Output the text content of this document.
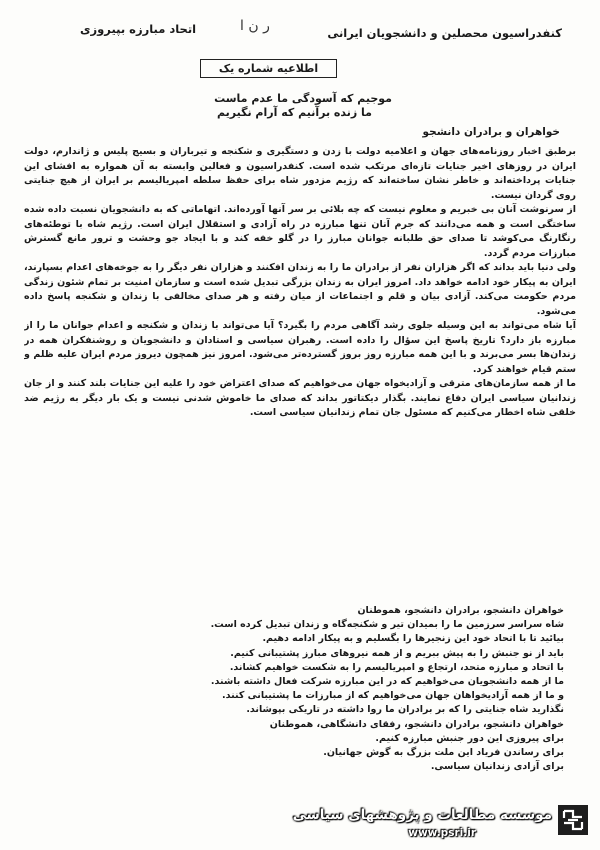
کنفدراسیون محصلین و دانشجویان ایرانی
ر ن ا
اتحاد مبارزه بپیروزی
اطلاعیه شماره یک
موجیم که آسودگی ما عدم ماست
ما زنده برآنیم که آرام نگیریم
خواهران و برادران دانشجو

برطبق اخبار روزنامه‌های جهان و اعلامیه دولت با زدن و دستگیری و شکنجه و تیرباران و بسیج پلیس و ژاندارم، دولت ایران در روزهای اخیر جنایات تازه‌ای مرتکب شده است. کنفدراسیون و فعالین وابسته به آن همواره به افشای این جنایات پرداخته‌اند و خاطر نشان ساخته‌اند که رژیم مزدور شاه برای حفظ سلطه امپریالیسم بر ایران از هیچ جنایتی روی گردان نیست.

از سرنوشت آنان بی خبریم و معلوم نیست که چه بلائی بر سر آنها آورده‌اند. اتهاماتی که به دانشجویان نسبت داده شده ساختگی است و همه می‌دانند که جرم آنان تنها مبارزه در راه آزادی و استقلال ایران است. رژیم شاه با توطئه‌های رنگارنگ می‌کوشد تا صدای حق طلبانه جوانان مبارز را در گلو خفه کند و با ایجاد جو وحشت و ترور مانع گسترش مبارزات مردم گردد.

ولی دنیا باید بداند که اگر هزاران نفر از برادران ما را به زندان افکنند و هزاران نفر دیگر را به جوخه‌های اعدام بسپارند، ایران به پیکار خود ادامه خواهد داد. امروز ایران به زندان بزرگی تبدیل شده است و سازمان امنیت بر تمام شئون زندگی مردم حکومت می‌کند. آزادی بیان و قلم و اجتماعات از میان رفته و هر صدای مخالفی با زندان و شکنجه پاسخ داده می‌شود.

آیا شاه می‌تواند به این وسیله جلوی رشد آگاهی مردم را بگیرد؟ آیا می‌تواند با زندان و شکنجه و اعدام جوانان ما را از مبارزه باز دارد؟ تاریخ پاسخ این سؤال را داده است. رهبران سیاسی و استادان و دانشجویان و روشنفکران همه در زندان‌ها بسر می‌برند و با این همه مبارزه روز بروز گسترده‌تر می‌شود. امروز نیز همچون دیروز مردم ایران علیه ظلم و ستم قیام خواهند کرد.

ما از همه سازمان‌های مترقی و آزادیخواه جهان می‌خواهیم که صدای اعتراض خود را علیه این جنایات بلند کنند و از جان زندانیان سیاسی ایران دفاع نمایند. بگذار دیکتاتور بداند که صدای ما خاموش شدنی نیست و یک بار دیگر به رژیم ضد خلقی شاه اخطار می‌کنیم که مسئول جان تمام زندانیان سیاسی است.

خواهران دانشجو، برادران دانشجو، هموطنان
شاه سراسر سرزمین ما را بمیدان تیر و شکنجه‌گاه و زندان تبدیل کرده است.
بیائید تا با اتحاد خود این زنجیرها را بگسلیم و به پیکار ادامه دهیم.
باید از نو جنبش را به پیش ببریم و از همه نیروهای مبارز پشتیبانی کنیم.
با اتحاد و مبارزه متحد، ارتجاع و امپریالیسم را به شکست خواهیم کشاند.
ما از همه دانشجویان می‌خواهیم که در این مبارزه شرکت فعال داشته باشند.
و ما از همه آزادیخواهان جهان می‌خواهیم که از مبارزات ما پشتیبانی کنند.
نگذارید شاه جنایتی را که بر برادران ما روا داشته در تاریکی بپوشاند.
خواهران دانشجو، برادران دانشجو، رفقای دانشگاهی، هموطنان
برای پیروزی این دور جنبش مبارزه کنیم.
برای رساندن فریاد این ملت بزرگ به گوش جهانیان.
برای آزادی زندانیان سیاسی.
موسسه مطالعات و پژوهشهای سیاسی
www.psri.ir
